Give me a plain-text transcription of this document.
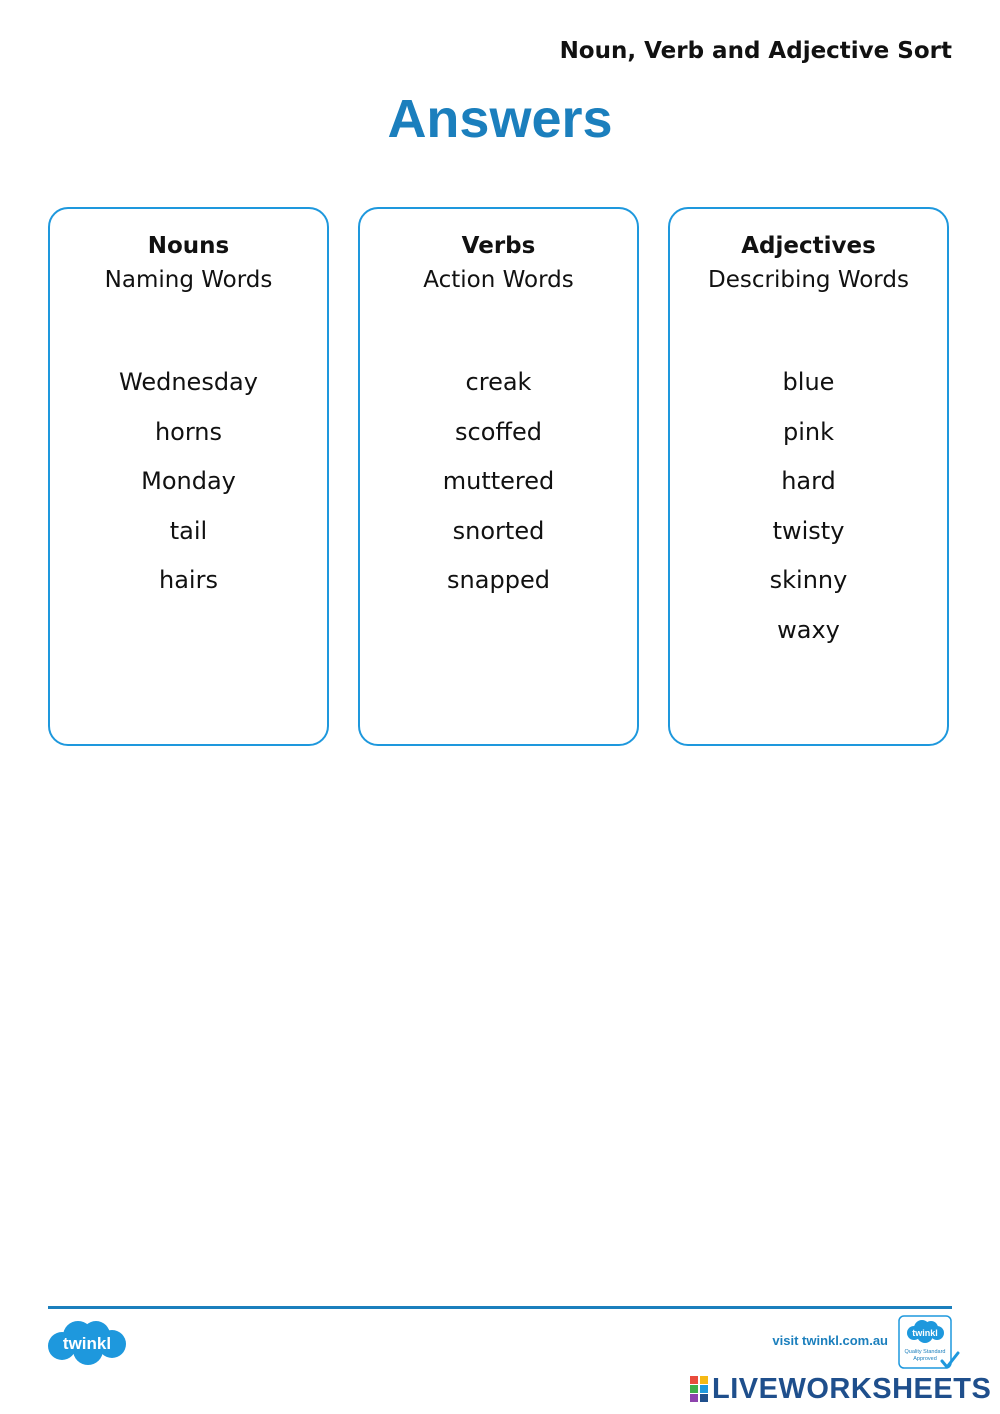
Noun, Verb and Adjective Sort
Answers
Nouns
Naming Words
Wednesday
horns
Monday
tail
hairs
Verbs
Action Words
creak
scoffed
muttered
snorted
snapped
Adjectives
Describing Words
blue
pink
hard
twisty
skinny
waxy
twinkl	visit twinkl.com.au	twinkl
Quality Standard
Approved
LIVEWORKSHEETS
